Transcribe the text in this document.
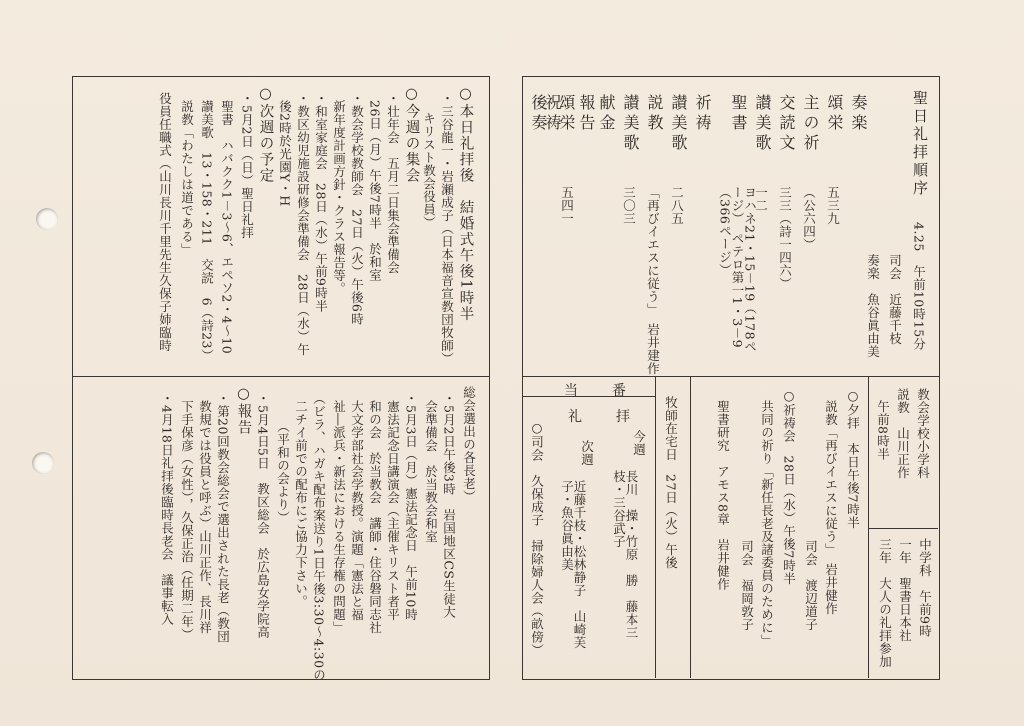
○本日礼拝後　結婚式午後1時半
・三谷龍一・岩瀬成子（日本福音宣教団牧師）
キリスト教会役員）
○今週の集会
・壮年会　五月二日集会準備会
26日（月）午後7時半　於和室
・教会学校教師会　27日（火）午後6時
新年度計画方針・クラス報告等。
・和室家庭会　28日（水）午前9時半
・教区幼児施設研修会準備会　28日（水）午
後2時於光園Y・H
○次週の予定
・5月2日（日）聖日礼拝
聖書　ハバクク1－3～6、エペソ2・4～10
讃美歌　13・158・211　交読　6（詩23）
説教「わたしは道である」
役員任職式（山川長川千里先生久保子姉臨時
総会選出の各長老）
・5月2日午後3時　岩国地区CS生徒大
会準備会　於当教会和室
・5月3日（月）憲法記念日　午前10時
憲法記念日講演会（主催キリスト者平
和の会　於当教会　講師・住谷磐同志社
大文学部社会学教授。演題「憲法と福
祉―派兵・新法における生存権の問題」
（ビラ、ハガキ配布案送り1日午後3:30～4:30の
二チイ前での配布にご協力下さい。
（平和の会より）
・5月4日5日　教区総会　於広島女学院高
○報告
・第20回教会総会で選出された長老（教団
教規では役員と呼ぶ）山川正作、長川祥
下手保彦（女性），久保正治（任期二年）
・4月18日礼拝後臨時長老会　議事転入
聖日礼拝順序
4.25　午前10時15分
司会　近藤千枝
奏楽　魚谷眞由美
奏楽
頌栄
五三九
主の祈
（公六四）
交読文
三三（詩一四六）
讃美歌
一二
聖書
ヨハネ21・15－19（178ページ）　ペテロ第一1・3－9（366ページ）
祈祷
讃美歌
二八五
説教
「再びイエスに従う」　岩井建作
讃美歌
三〇三
献金
報告
頌栄
五四一
祝祷
後奏
教会学校小学科
説教　山川正作
午前8時半
中学科　午前9時
一年　聖書日本社
三年　大人の礼拝参加
○夕拝　本日午後7時半
説教「再びイエスに従う」　岩井健作
司会　渡辺道子
○祈祷会　28日（水）午後7時半
共同の祈り「新任長老及諸委員のために」
司会　福岡敦子
聖書研究　アモス8章　岩井健作
牧師在宅日　27日（火）午後
当　番
礼　拝
今週
長川　操・竹原　勝　藤本三枝・三谷武子
次週
近藤千枝・松林静子　山崎芙子・魚谷眞由美
○司会　久保成子　掃除婦人会（畝傍）
